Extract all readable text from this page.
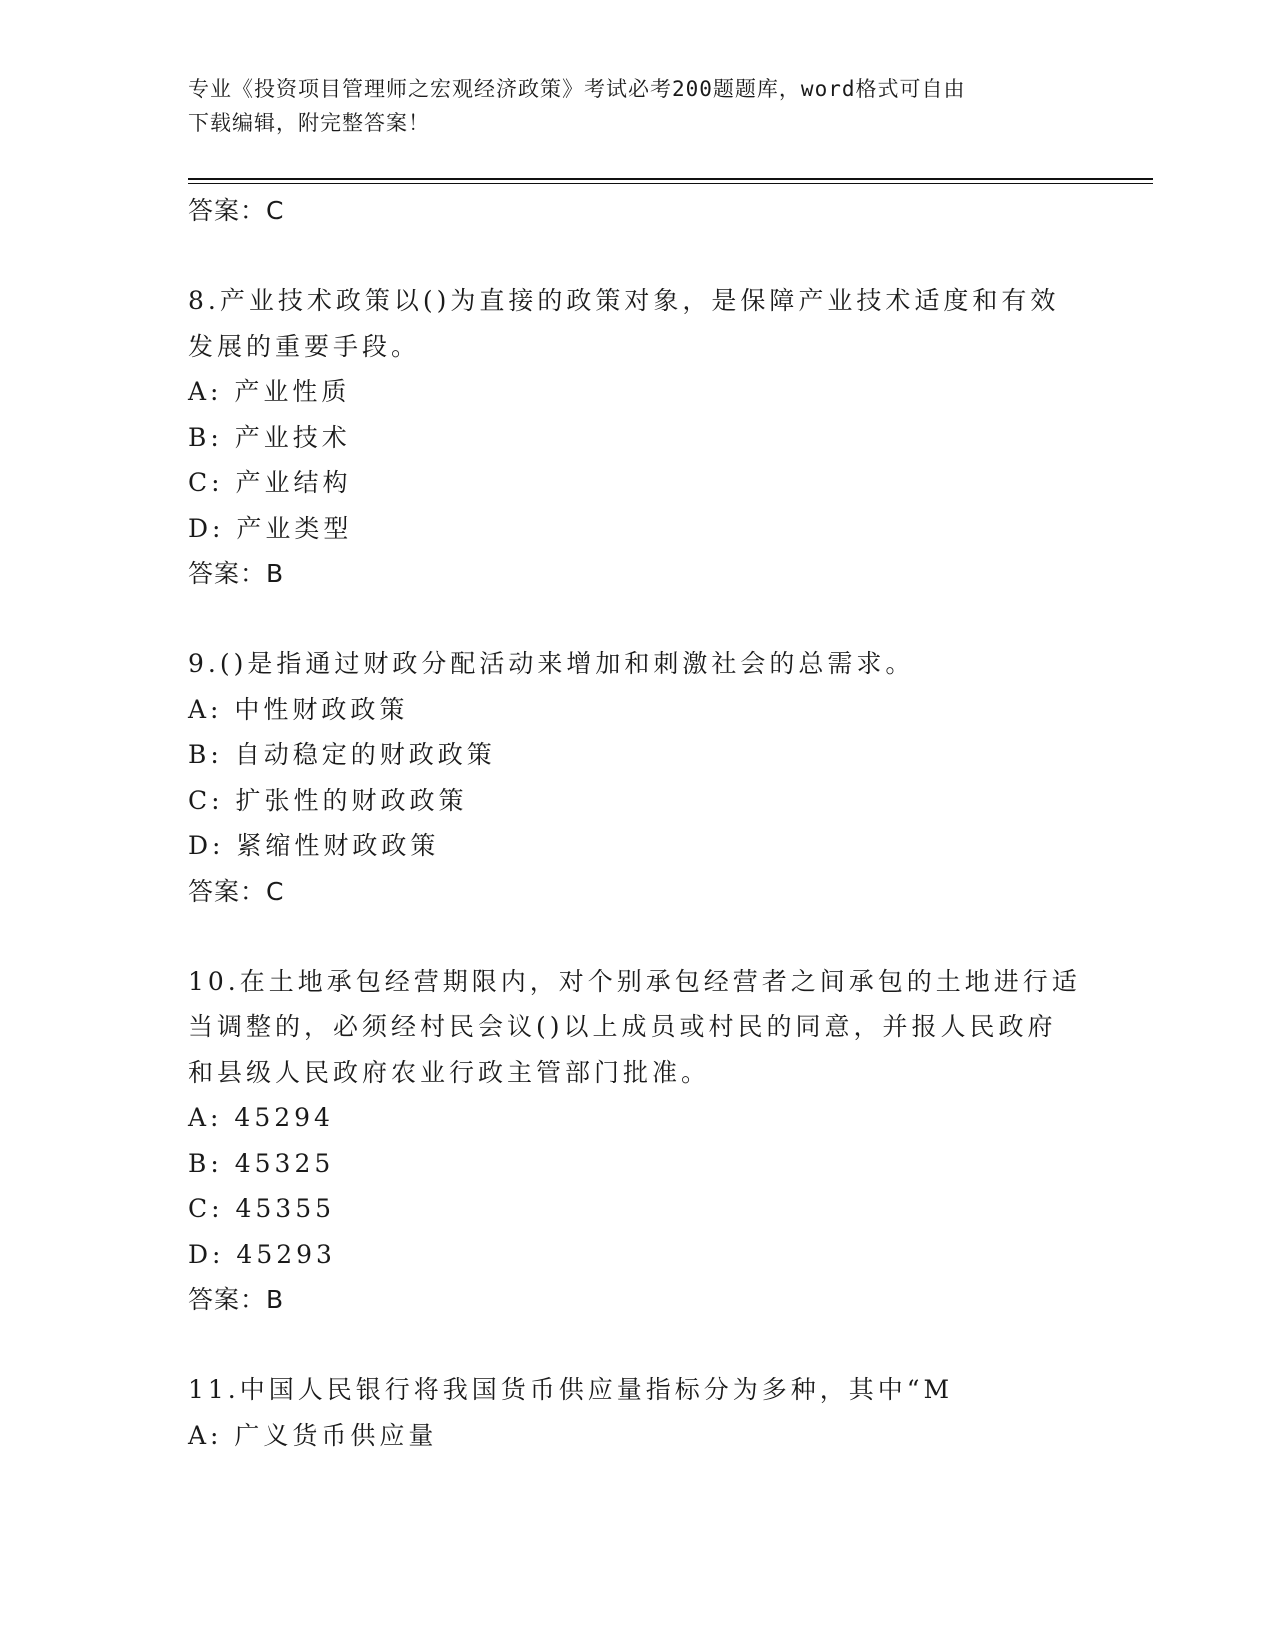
专业《投资项目管理师之宏观经济政策》考试必考200题题库，word格式可自由
下载编辑，附完整答案！
答案：C
8.产业技术政策以()为直接的政策对象，是保障产业技术适度和有效
发展的重要手段。
A: 产业性质
B: 产业技术
C: 产业结构
D: 产业类型
答案：B
9.()是指通过财政分配活动来增加和刺激社会的总需求。
A: 中性财政政策
B: 自动稳定的财政政策
C: 扩张性的财政政策
D: 紧缩性财政政策
答案：C
10.在土地承包经营期限内，对个别承包经营者之间承包的土地进行适
当调整的，必须经村民会议()以上成员或村民的同意，并报人民政府
和县级人民政府农业行政主管部门批准。
A: 45294
B: 45325
C: 45355
D: 45293
答案：B
11.中国人民银行将我国货币供应量指标分为多种，其中“M
A: 广义货币供应量
